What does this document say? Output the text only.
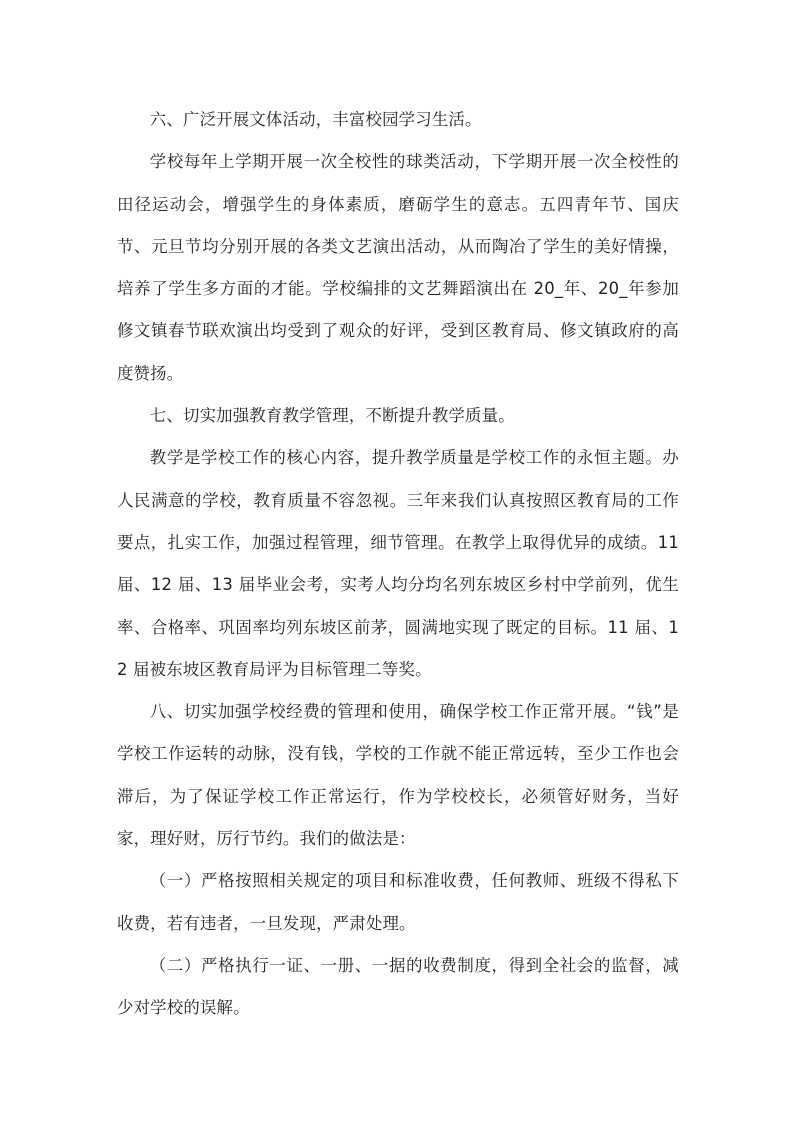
六、广泛开展文体活动，丰富校园学习生活。

学校每年上学期开展一次全校性的球类活动，下学期开展一次全校性的田径运动会，增强学生的身体素质，磨砺学生的意志。五四青年节、国庆节、元旦节均分别开展的各类文艺演出活动，从而陶冶了学生的美好情操，培养了学生多方面的才能。学校编排的文艺舞蹈演出在 20_年、20_年参加修文镇春节联欢演出均受到了观众的好评，受到区教育局、修文镇政府的高度赞扬。

七、切实加强教育教学管理，不断提升教学质量。

教学是学校工作的核心内容，提升教学质量是学校工作的永恒主题。办人民满意的学校，教育质量不容忽视。三年来我们认真按照区教育局的工作要点，扎实工作，加强过程管理，细节管理。在教学上取得优异的成绩。11 届、12 届、13 届毕业会考，实考人均分均名列东坡区乡村中学前列，优生率、合格率、巩固率均列东坡区前茅，圆满地实现了既定的目标。11 届、12 届被东坡区教育局评为目标管理二等奖。

八、切实加强学校经费的管理和使用，确保学校工作正常开展。“钱”是学校工作运转的动脉，没有钱，学校的工作就不能正常远转，至少工作也会滞后，为了保证学校工作正常运行，作为学校校长，必须管好财务，当好家，理好财，厉行节约。我们的做法是：

（一）严格按照相关规定的项目和标准收费，任何教师、班级不得私下收费，若有违者，一旦发现，严肃处理。

（二）严格执行一证、一册、一据的收费制度，得到全社会的监督，减少对学校的误解。
